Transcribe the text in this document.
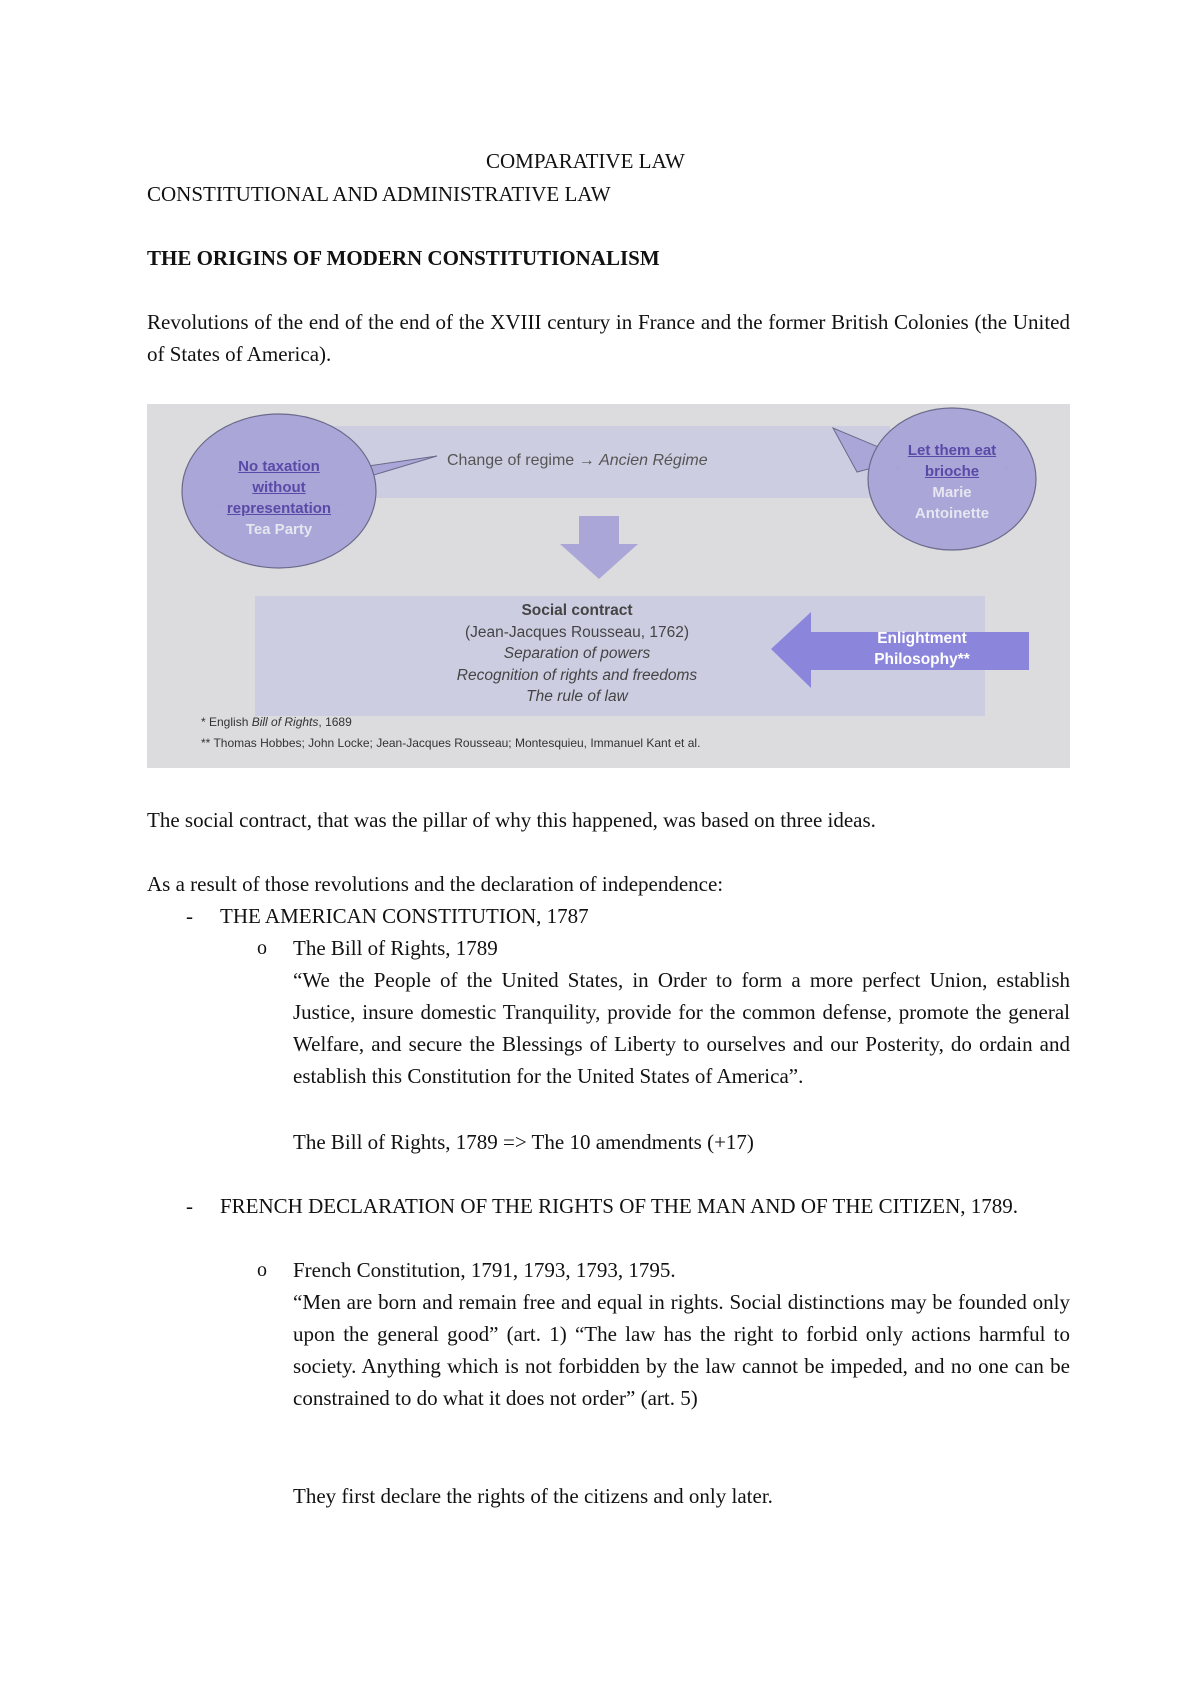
COMPARATIVE LAW
CONSTITUTIONAL AND ADMINISTRATIVE LAW
THE ORIGINS OF MODERN CONSTITUTIONALISM
Revolutions of the end of the end of the XVIII century in France and the former British Colonies (the United of States of America).
“No taxation without representation ”
Tea Party
Change of regime → Ancien Régime
“Let them eat brioche ”
Marie Antoinette
Social contract
(Jean-Jacques Rousseau, 1762)
Separation of powers
Recognition of rights and freedoms
The rule of law
Enlightment Philosophy**
* English Bill of Rights, 1689
** Thomas Hobbes; John Locke; Jean-Jacques Rousseau; Montesquieu, Immanuel Kant et al.
The social contract, that was the pillar of why this happened, was based on three ideas.
As a result of those revolutions and the declaration of independence:
- THE AMERICAN CONSTITUTION, 1787
o The Bill of Rights, 1789
“We the People of the United States, in Order to form a more perfect Union, establish Justice, insure domestic Tranquility, provide for the common defense, promote the general Welfare, and secure the Blessings of Liberty to ourselves and our Posterity, do ordain and establish this Constitution for the United States of America”.
The Bill of Rights, 1789 => The 10 amendments (+17)
- FRENCH DECLARATION OF THE RIGHTS OF THE MAN AND OF THE CITIZEN, 1789.
o French Constitution, 1791, 1793, 1793, 1795.
“Men are born and remain free and equal in rights. Social distinctions may be founded only upon the general good” (art. 1) “The law has the right to forbid only actions harmful to society. Anything which is not forbidden by the law cannot be impeded, and no one can be constrained to do what it does not order” (art. 5)
They first declare the rights of the citizens and only later.
